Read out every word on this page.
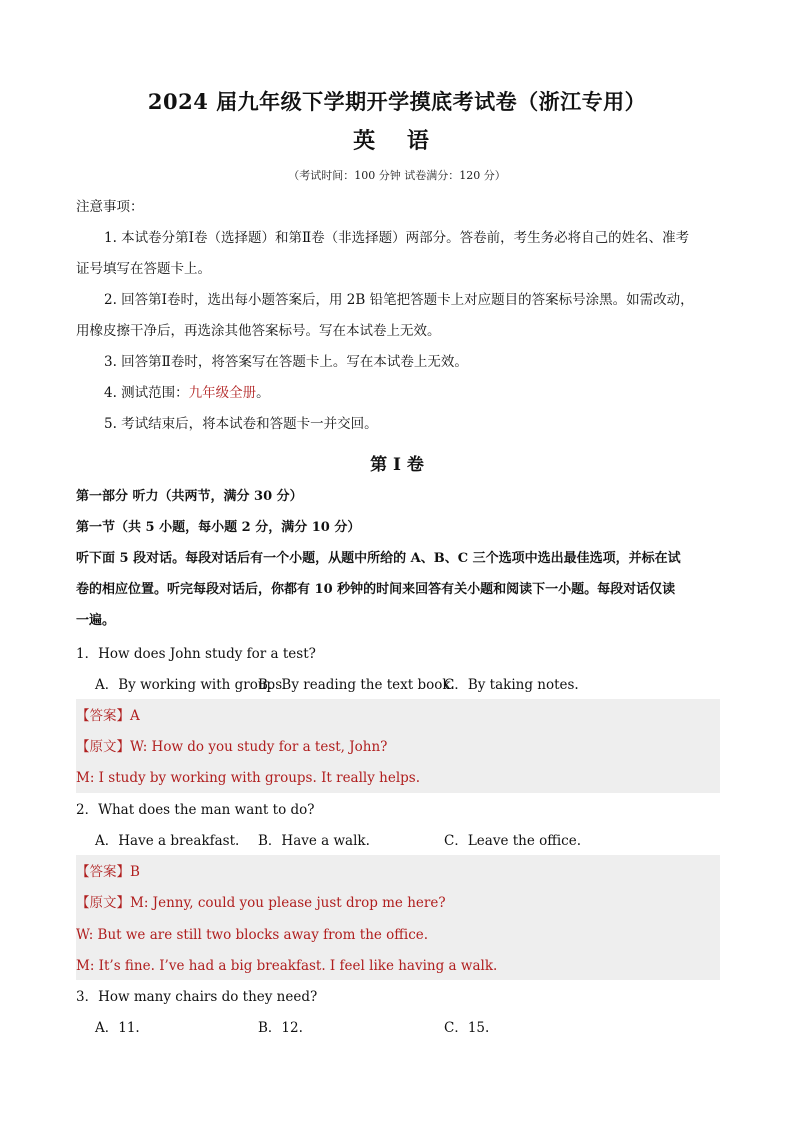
2024 届九年级下学期开学摸底考试卷（浙江专用）
英 语
（考试时间：100 分钟 试卷满分：120 分）
注意事项：
1. 本试卷分第Ⅰ卷（选择题）和第Ⅱ卷（非选择题）两部分。答卷前，考生务必将自己的姓名、准考
证号填写在答题卡上。
2. 回答第Ⅰ卷时，选出每小题答案后，用 2B 铅笔把答题卡上对应题目的答案标号涂黑。如需改动，
用橡皮擦干净后，再选涂其他答案标号。写在本试卷上无效。
3. 回答第Ⅱ卷时，将答案写在答题卡上。写在本试卷上无效。
4. 测试范围：九年级全册。
5. 考试结束后，将本试卷和答题卡一并交回。
第 I 卷
第一部分 听力（共两节，满分 30 分）
第一节（共 5 小题，每小题 2 分，满分 10 分）
听下面 5 段对话。每段对话后有一个小题，从题中所给的 A、B、C 三个选项中选出最佳选项，并标在试
卷的相应位置。听完每段对话后，你都有 10 秒钟的时间来回答有关小题和阅读下一小题。每段对话仅读
一遍。
1．How does John study for a test?
A．By working with groups.
B．By reading the text book.
C．By taking notes.
【答案】A
【原文】W: How do you study for a test, John?
M: I study by working with groups. It really helps.
2．What does the man want to do?
A．Have a breakfast. B．Have a walk.	C．Leave the office.
【答案】B
【原文】M: Jenny, could you please just drop me here?
W: But we are still two blocks away from the office.
M: It’s fine. I’ve had a big breakfast. I feel like having a walk.
3．How many chairs do they need?
A．11.	B．12.	C．15.
